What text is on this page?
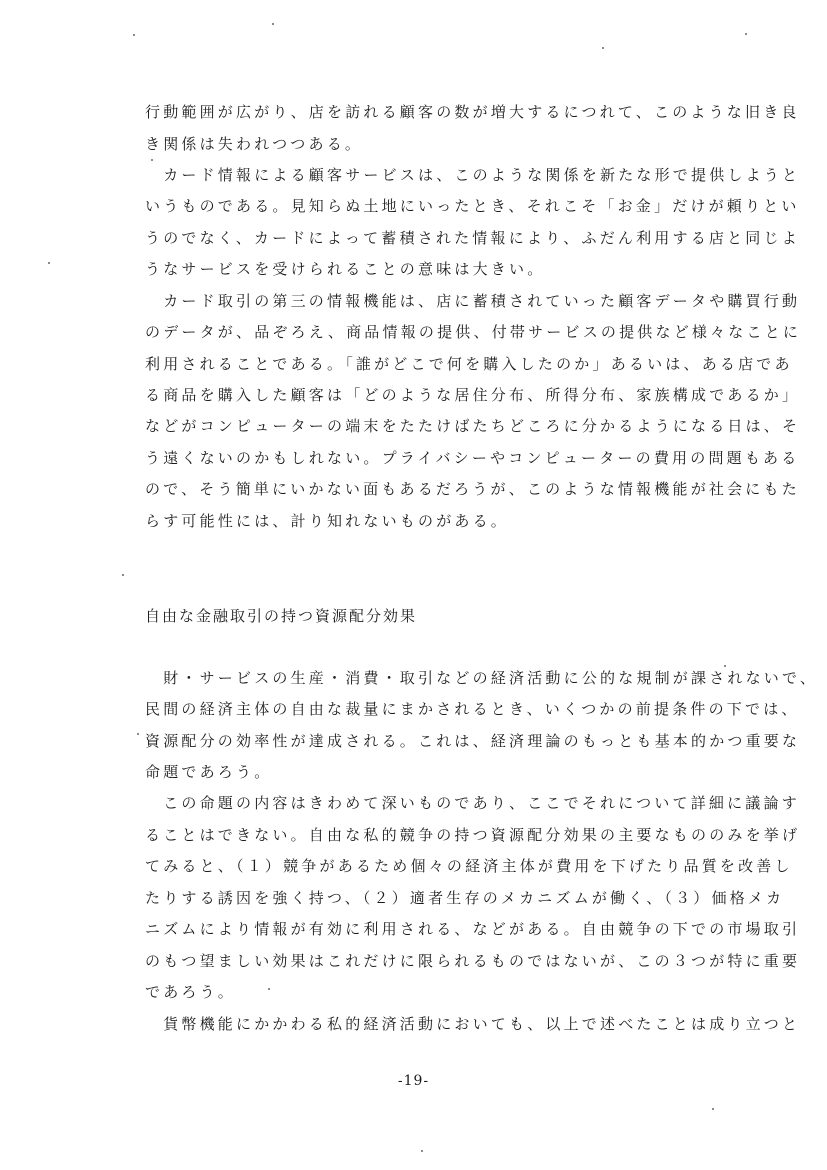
行動範囲が広がり、店を訪れる顧客の数が増大するにつれて、このような旧き良
き関係は失われつつある。
　カード情報による顧客サービスは、このような関係を新たな形で提供しようと
いうものである。見知らぬ土地にいったとき、それこそ「お金」だけが頼りとい
うのでなく、カードによって蓄積された情報により、ふだん利用する店と同じよ
うなサービスを受けられることの意味は大きい。
　カード取引の第三の情報機能は、店に蓄積されていった顧客データや購買行動
のデータが、品ぞろえ、商品情報の提供、付帯サービスの提供など様々なことに
利用されることである。「誰がどこで何を購入したのか」あるいは、ある店であ
る商品を購入した顧客は「どのような居住分布、所得分布、家族構成であるか」
などがコンピューターの端末をたたけばたちどころに分かるようになる日は、そ
う遠くないのかもしれない。プライバシーやコンピューターの費用の問題もある
ので、そう簡単にいかない面もあるだろうが、このような情報機能が社会にもた
らす可能性には、計り知れないものがある。
自由な金融取引の持つ資源配分効果
　財・サービスの生産・消費・取引などの経済活動に公的な規制が課されないで、
民間の経済主体の自由な裁量にまかされるとき、いくつかの前提条件の下では、
資源配分の効率性が達成される。これは、経済理論のもっとも基本的かつ重要な
命題であろう。
　この命題の内容はきわめて深いものであり、ここでそれについて詳細に議論す
ることはできない。自由な私的競争の持つ資源配分効果の主要なもののみを挙げ
てみると、（１）競争があるため個々の経済主体が費用を下げたり品質を改善し
たりする誘因を強く持つ、（２）適者生存のメカニズムが働く、（３）価格メカ
ニズムにより情報が有効に利用される、などがある。自由競争の下での市場取引
のもつ望ましい効果はこれだけに限られるものではないが、この３つが特に重要
であろう。
　貨幣機能にかかわる私的経済活動においても、以上で述べたことは成り立つと
-19-
